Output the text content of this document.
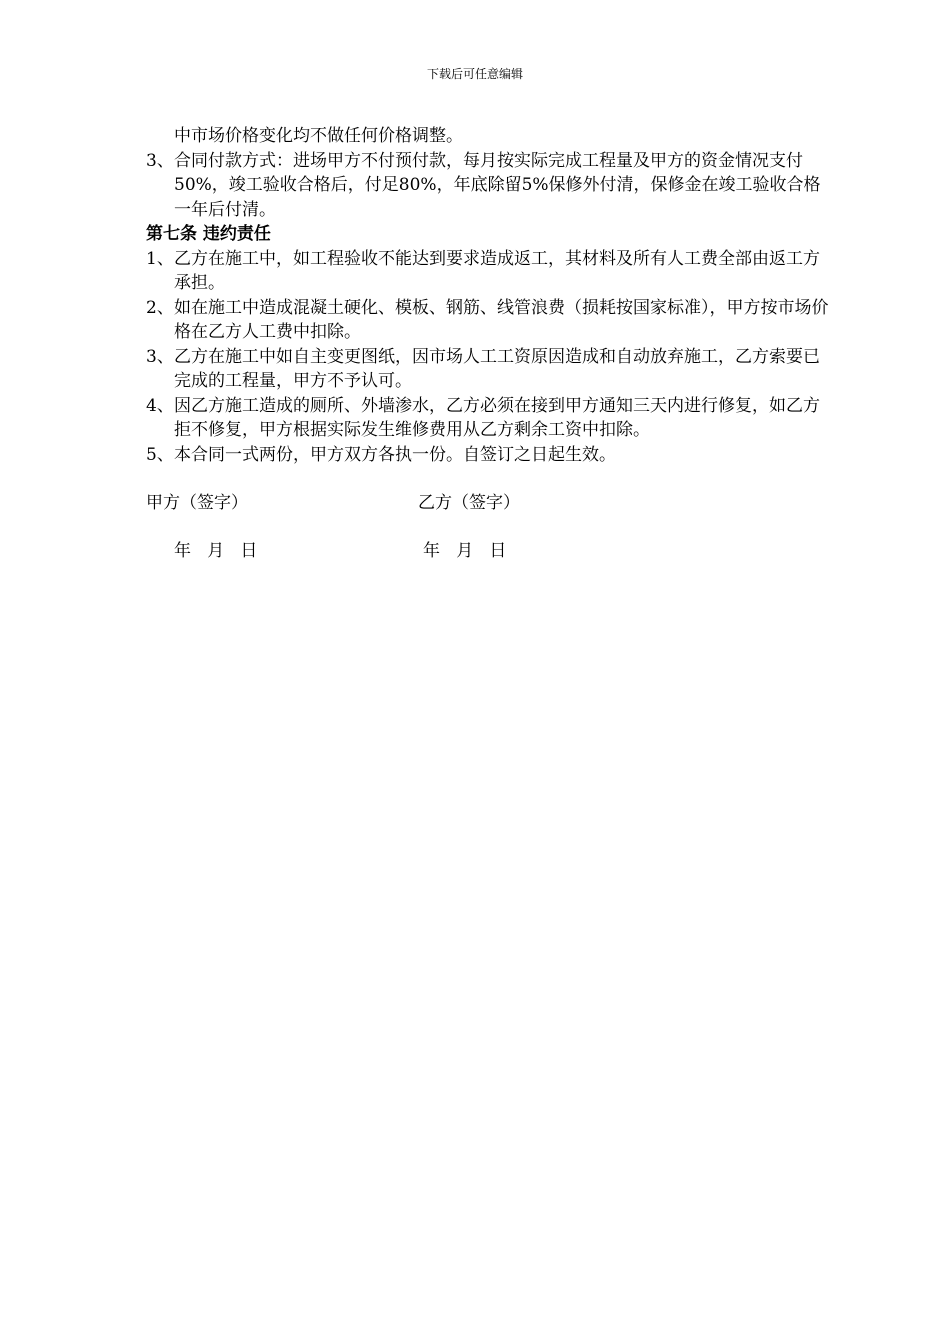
下载后可任意编辑
中市场价格变化均不做任何价格调整。
3、 合同付款方式：进场甲方不付预付款，每月按实际完成工程量及甲方的资金情况支付50%，竣工验收合格后，付足80%，年底除留5%保修外付清，保修金在竣工验收合格一年后付清。
第七条 违约责任
1、 乙方在施工中，如工程验收不能达到要求造成返工，其材料及所有人工费全部由返工方承担。
2、 如在施工中造成混凝土硬化、模板、钢筋、线管浪费（损耗按国家标准），甲方按市场价格在乙方人工费中扣除。
3、 乙方在施工中如自主变更图纸，因市场人工工资原因造成和自动放弃施工，乙方索要已完成的工程量，甲方不予认可。
4、 因乙方施工造成的厕所、外墙渗水，乙方必须在接到甲方通知三天内进行修复，如乙方拒不修复，甲方根据实际发生维修费用从乙方剩余工资中扣除。
5、 本合同一式两份，甲方双方各执一份。自签订之日起生效。
甲方（签字）	乙方（签字）
年   月   日	年   月   日
